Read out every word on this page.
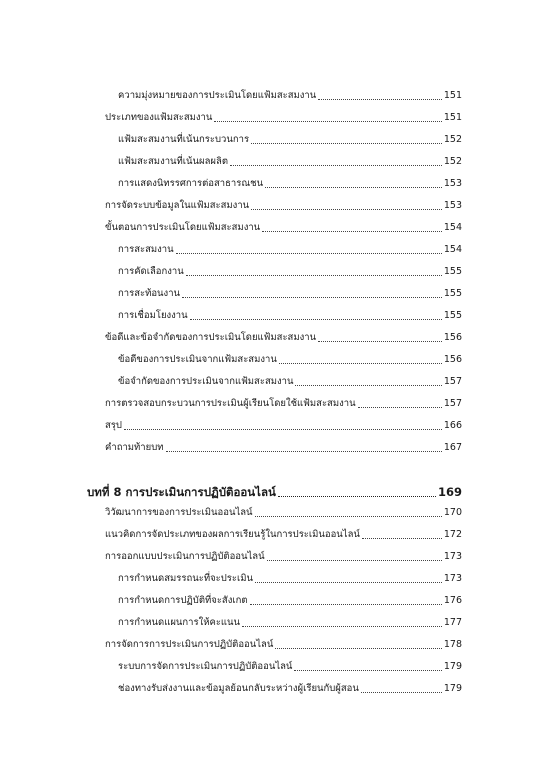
ความมุ่งหมายของการประเมินโดยแฟ้มสะสมงาน	151
ประเภทของแฟ้มสะสมงาน	151
แฟ้มสะสมงานที่เน้นกระบวนการ	152
แฟ้มสะสมงานที่เน้นผลผลิต	152
การแสดงนิทรรศการต่อสาธารณชน	153
การจัดระบบข้อมูลในแฟ้มสะสมงาน	153
ขั้นตอนการประเมินโดยแฟ้มสะสมงาน	154
การสะสมงาน	154
การคัดเลือกงาน	155
การสะท้อนงาน	155
การเชื่อมโยงงาน	155
ข้อดีและข้อจำกัดของการประเมินโดยแฟ้มสะสมงาน	156
ข้อดีของการประเมินจากแฟ้มสะสมงาน	156
ข้อจำกัดของการประเมินจากแฟ้มสะสมงาน	157
การตรวจสอบกระบวนการประเมินผู้เรียนโดยใช้แฟ้มสะสมงาน	157
สรุป	166
คำถามท้ายบท	167
บทที่ 8 การประเมินการปฏิบัติออนไลน์	169
วิวัฒนาการของการประเมินออนไลน์	170
แนวคิดการจัดประเภทของผลการเรียนรู้ในการประเมินออนไลน์	172
การออกแบบประเมินการปฏิบัติออนไลน์	173
การกำหนดสมรรถนะที่จะประเมิน	173
การกำหนดการปฏิบัติที่จะสังเกต	176
การกำหนดแผนการให้คะแนน	177
การจัดการการประเมินการปฏิบัติออนไลน์	178
ระบบการจัดการประเมินการปฏิบัติออนไลน์	179
ช่องทางรับส่งงานและข้อมูลย้อนกลับระหว่างผู้เรียนกับผู้สอน	179
